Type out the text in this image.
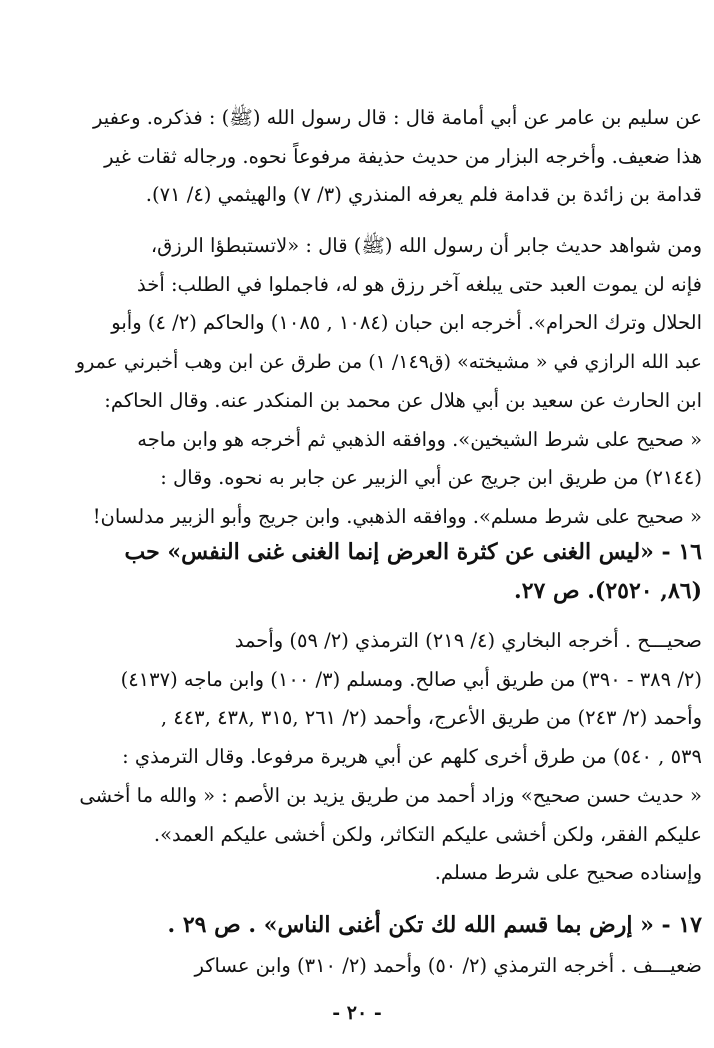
عن سليم بن عامر عن أبي أمامة قال : قال رسول الله (ﷺ) : فذكره. وعفير
هذا ضعيف. وأخرجه البزار من حديث حذيفة مرفوعاً نحوه. ورجاله ثقات غير
قدامة بن زائدة بن قدامة فلم يعرفه المنذري (٣/ ٧) والهيثمي (٤/ ٧١).
ومن شواهد حديث جابر أن رسول الله (ﷺ) قال : «لاتستبطؤا الرزق،
فإنه لن يموت العبد حتى يبلغه آخر رزق هو له، فاجملوا في الطلب: أخذ
الحلال وترك الحرام». أخرجه ابن حبان (١٠٨٤ , ١٠٨٥) والحاكم (٢/ ٤) وأبو
عبد الله الرازي في « مشيخته» (ق١٤٩/ ١) من طرق عن ابن وهب أخبرني عمرو
ابن الحارث عن سعيد بن أبي هلال عن محمد بن المنكدر عنه. وقال الحاكم:
« صحيح على شرط الشيخين». ووافقه الذهبي ثم أخرجه هو وابن ماجه
(٢١٤٤) من طريق ابن جريج عن أبي الزبير عن جابر به نحوه. وقال :
« صحيح على شرط مسلم». ووافقه الذهبي. وابن جريج وأبو الزبير مدلسان!
١٦ - «ليس الغنى عن كثرة العرض إنما الغنى غنى النفس» حب
(٨٦, ٢٥٢٠). ص ٢٧.
صحيـــح . أخرجه البخاري (٤/ ٢١٩) الترمذي (٢/ ٥٩) وأحمد
(٢/ ٣٨٩ - ٣٩٠) من طريق أبي صالح. ومسلم (٣/ ١٠٠) وابن ماجه (٤١٣٧)
وأحمد (٢/ ٢٤٣) من طريق الأعرج، وأحمد (٢/ ٢٦١ ,٣١٥ ,٤٣٨ ,٤٤٣ ,
٥٣٩ , ٥٤٠) من طرق أخرى كلهم عن أبي هريرة مرفوعا. وقال الترمذي :
« حديث حسن صحيح» وزاد أحمد من طريق يزيد بن الأصم : « والله ما أخشى
عليكم الفقر، ولكن أخشى عليكم التكاثر، ولكن أخشى عليكم العمد».
وإسناده صحيح على شرط مسلم.
١٧ - « إرض بما قسم الله لك تكن أغنى الناس» . ص ٢٩ .
ضعيـــف . أخرجه الترمذي (٢/ ٥٠) وأحمد (٢/ ٣١٠) وابن عساكر
- ٢٠ -
